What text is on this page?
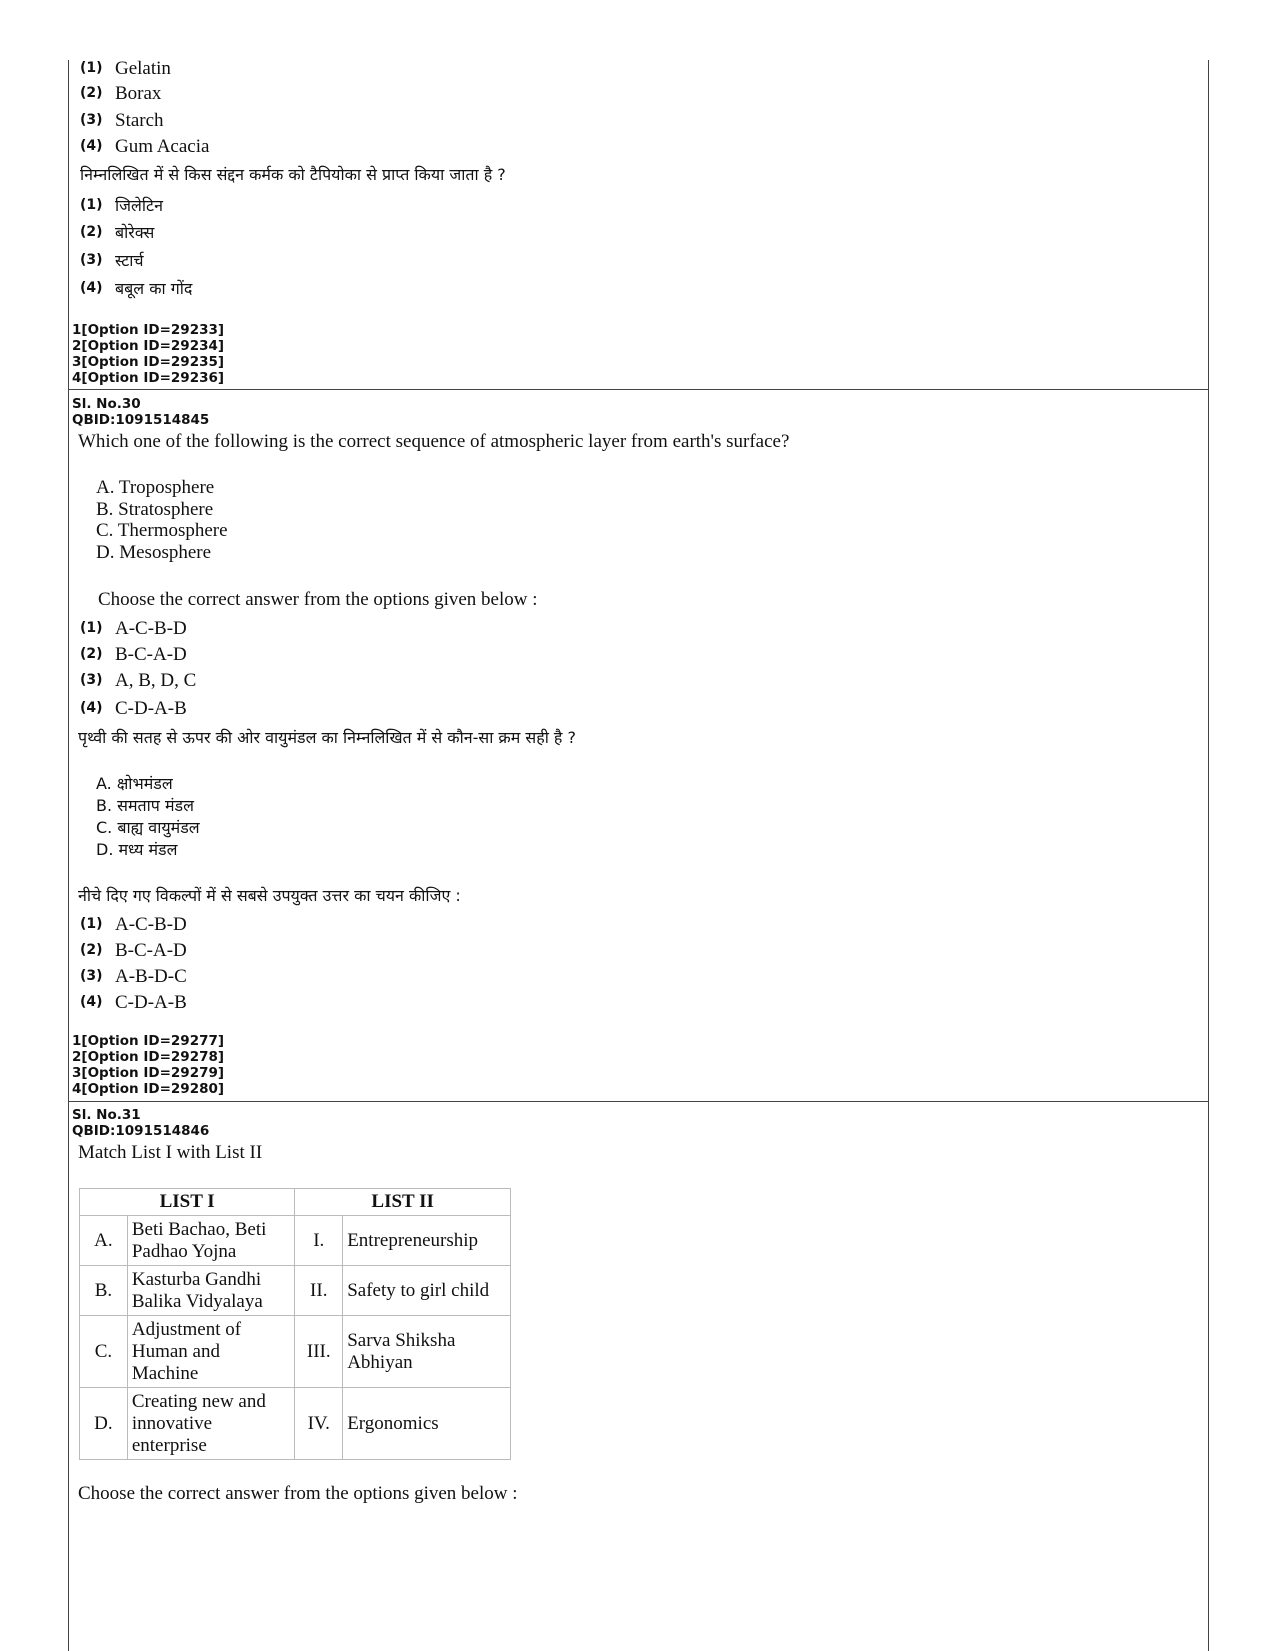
(1) Gelatin
(2) Borax
(3) Starch
(4) Gum Acacia
निम्नलिखित में से किस संद्दन कर्मक को टैपियोका से प्राप्त किया जाता है ?
(1) जिलेटिन
(2) बोरेक्स
(3) स्टार्च
(4) बबूल का गोंद
1[Option ID=29233]
2[Option ID=29234]
3[Option ID=29235]
4[Option ID=29236]
Sl. No.30
QBID:1091514845
Which one of the following is the correct sequence of atmospheric layer from earth's surface?
A. Troposphere
B. Stratosphere
C. Thermosphere
D. Mesosphere
Choose the correct answer from the options given below :
(1) A-C-B-D
(2) B-C-A-D
(3) A, B, D, C
(4) C-D-A-B
पृथ्वी की सतह से ऊपर की ओर वायुमंडल का निम्नलिखित में से कौन-सा क्रम सही है ?
A. क्षोभमंडल
B. समताप मंडल
C. बाह्य वायुमंडल
D. मध्य मंडल
नीचे दिए गए विकल्पों में से सबसे उपयुक्त उत्तर का चयन कीजिए :
(1) A-C-B-D
(2) B-C-A-D
(3) A-B-D-C
(4) C-D-A-B
1[Option ID=29277]
2[Option ID=29278]
3[Option ID=29279]
4[Option ID=29280]
Sl. No.31
QBID:1091514846
Match List I with List II
LIST I		LIST II	
A.	Beti Bachao, Beti Padhao Yojna	I.	Entrepreneurship
B.	Kasturba Gandhi Balika Vidyalaya	II.	Safety to girl child
C.	Adjustment of Human and Machine	III.	Sarva Shiksha Abhiyan
D.	Creating new and innovative enterprise	IV.	Ergonomics
Choose the correct answer from the options given below :
